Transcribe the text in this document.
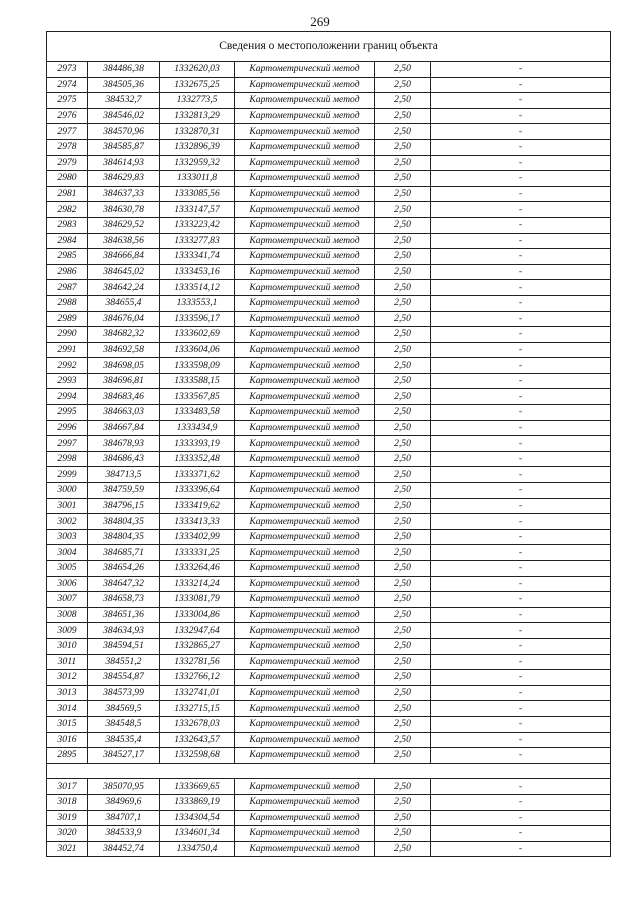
269
Сведения о местоположении границ объекта					
2973	384486,38	1332620,03	Картометрический метод	2,50	-
2974	384505,36	1332675,25	Картометрический метод	2,50	-
2975	384532,7	1332773,5	Картометрический метод	2,50	-
2976	384546,02	1332813,29	Картометрический метод	2,50	-
2977	384570,96	1332870,31	Картометрический метод	2,50	-
2978	384585,87	1332896,39	Картометрический метод	2,50	-
2979	384614,93	1332959,32	Картометрический метод	2,50	-
2980	384629,83	1333011,8	Картометрический метод	2,50	-
2981	384637,33	1333085,56	Картометрический метод	2,50	-
2982	384630,78	1333147,57	Картометрический метод	2,50	-
2983	384629,52	1333223,42	Картометрический метод	2,50	-
2984	384638,56	1333277,83	Картометрический метод	2,50	-
2985	384666,84	1333341,74	Картометрический метод	2,50	-
2986	384645,02	1333453,16	Картометрический метод	2,50	-
2987	384642,24	1333514,12	Картометрический метод	2,50	-
2988	384655,4	1333553,1	Картометрический метод	2,50	-
2989	384676,04	1333596,17	Картометрический метод	2,50	-
2990	384682,32	1333602,69	Картометрический метод	2,50	-
2991	384692,58	1333604,06	Картометрический метод	2,50	-
2992	384698,05	1333598,09	Картометрический метод	2,50	-
2993	384696,81	1333588,15	Картометрический метод	2,50	-
2994	384683,46	1333567,85	Картометрический метод	2,50	-
2995	384663,03	1333483,58	Картометрический метод	2,50	-
2996	384667,84	1333434,9	Картометрический метод	2,50	-
2997	384678,93	1333393,19	Картометрический метод	2,50	-
2998	384686,43	1333352,48	Картометрический метод	2,50	-
2999	384713,5	1333371,62	Картометрический метод	2,50	-
3000	384759,59	1333396,64	Картометрический метод	2,50	-
3001	384796,15	1333419,62	Картометрический метод	2,50	-
3002	384804,35	1333413,33	Картометрический метод	2,50	-
3003	384804,35	1333402,99	Картометрический метод	2,50	-
3004	384685,71	1333331,25	Картометрический метод	2,50	-
3005	384654,26	1333264,46	Картометрический метод	2,50	-
3006	384647,32	1333214,24	Картометрический метод	2,50	-
3007	384658,73	1333081,79	Картометрический метод	2,50	-
3008	384651,36	1333004,86	Картометрический метод	2,50	-
3009	384634,93	1332947,64	Картометрический метод	2,50	-
3010	384594,51	1332865,27	Картометрический метод	2,50	-
3011	384551,2	1332781,56	Картометрический метод	2,50	-
3012	384554,87	1332766,12	Картометрический метод	2,50	-
3013	384573,99	1332741,01	Картометрический метод	2,50	-
3014	384569,5	1332715,15	Картометрический метод	2,50	-
3015	384548,5	1332678,03	Картометрический метод	2,50	-
3016	384535,4	1332643,57	Картометрический метод	2,50	-
2895	384527,17	1332598,68	Картометрический метод	2,50	-

3017	385070,95	1333669,65	Картометрический метод	2,50	-
3018	384969,6	1333869,19	Картометрический метод	2,50	-
3019	384707,1	1334304,54	Картометрический метод	2,50	-
3020	384533,9	1334601,34	Картометрический метод	2,50	-
3021	384452,74	1334750,4	Картометрический метод	2,50	-
